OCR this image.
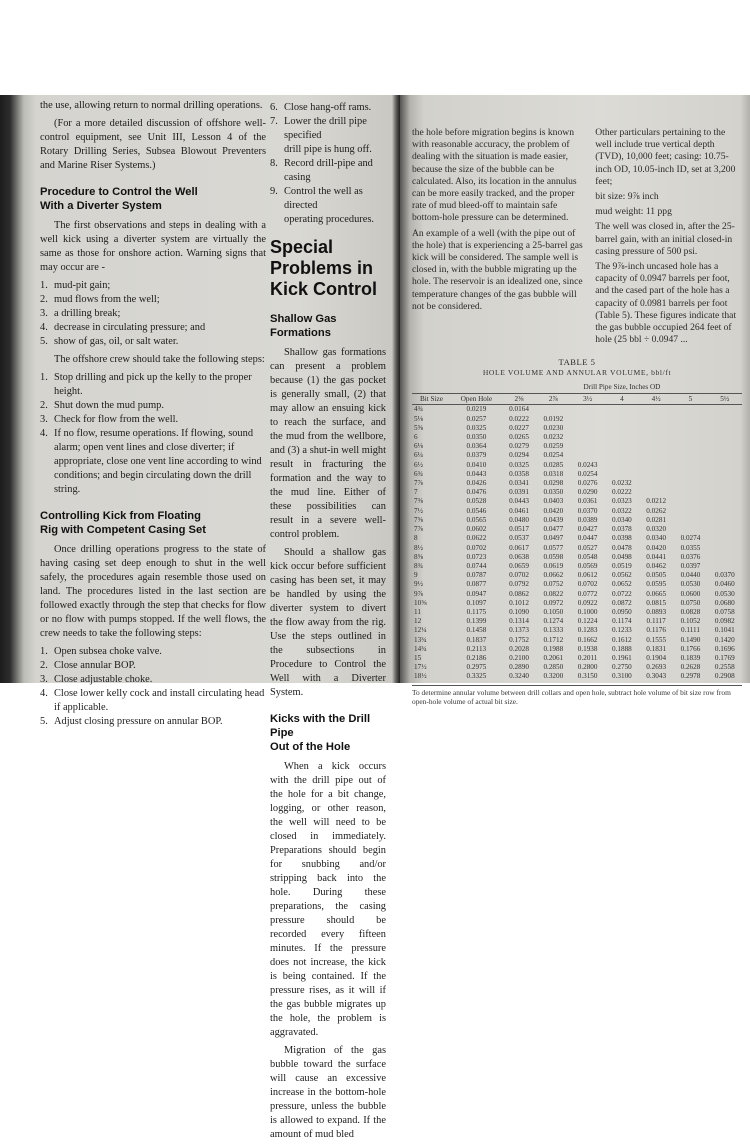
the use, allowing return to normal drilling operations.

(For a more detailed discussion of offshore well-control equipment, see Unit III, Lesson 4 of the Rotary Drilling Series, Subsea Blowout Preventers and Marine Riser Systems.)

Procedure to Control the Well
With a Diverter System

The first observations and steps in dealing with a well kick using a diverter system are virtually the same as those for onshore action. Warning signs that may occur are -

1. mud-pit gain;
2. mud flows from the well;
3. a drilling break;
4. decrease in circulating pressure; and
5. show of gas, oil, or salt water.

The offshore crew should take the following steps:

1. Stop drilling and pick up the kelly to the proper height.
2. Shut down the mud pump.
3. Check for flow from the well.
4. If no flow, resume operations. If flowing, sound alarm; open vent lines and close diverter; if appropriate, close one vent line according to wind conditions; and begin circulating down the drill string.
Controlling Kick from Floating
Rig with Competent Casing Set

Once drilling operations progress to the state of having casing set deep enough to shut in the well safely, the procedures again resemble those used on land. The procedures listed in the last section are followed exactly through the step that checks for flow or no flow with pumps stopped. If the well flows, the crew needs to take the following steps:

1. Open subsea choke valve.
2. Close annular BOP.
3. Close adjustable choke.
4. Close lower kelly cock and install circulating head if applicable.
5. Adjust closing pressure on annular BOP.
6. Close hang-off rams.
7. Lower the drill pipe specified
drill pipe is hung off.
8. Record drill-pipe and casing
9. Control the well as directed
operating procedures.
Special Problems in
Kick Control
Shallow Gas Formations

Shallow gas formations can present a problem because (1) the gas pocket is generally small, (2) that may allow an ensuing kick to reach the surface, and the mud from the wellbore, and (3) a shut-in well might result in fracturing the formation and the way to the mud line. Either of these possibilities can result in a severe well-control problem.

Should a shallow gas kick occur before sufficient casing has been set, it may be handled by using the diverter system to divert the flow away from the rig. Use the steps outlined in the subsections in Procedure to Control the Well with a Diverter System.

Kicks with the Drill Pipe
Out of the Hole

When a kick occurs with the drill pipe out of the hole for a bit change, logging, or other reason, the well will need to be closed in immediately. Preparations should begin for snubbing and/or stripping back into the hole. During these preparations, the casing pressure should be recorded every fifteen minutes. If the pressure does not increase, the kick is being contained. If the pressure rises, as it will if the gas bubble migrates up the hole, the problem is aggravated.

Migration of the gas bubble toward the surface will cause an excessive increase in the bottom-hole pressure, unless the bubble is allowed to expand. If the amount of mud bled

the hole before migration begins is known with reasonable accuracy, the problem of dealing with the situation is made easier, because the size of the bubble can be calculated. Also, its location in the annulus can be more easily tracked, and the proper rate of mud bleed-off to maintain safe bottom-hole pressure can be determined.

An example of a well (with the pipe out of the hole) that is experiencing a 25-barrel gas kick will be considered. The sample well is closed in, with the bubble migrating up the hole. The reservoir is an idealized one, since temperature changes of the gas bubble will not be considered.

Other particulars pertaining to the well include true vertical depth (TVD), 10,000 feet; casing: 10.75-inch OD, 10.05-inch ID, set at 3,200 feet;

bit size: 9⅞ inch

mud weight: 11 ppg

The well was closed in, after the 25-barrel gain, with an initial closed-in casing pressure of 500 psi.

The 9⅞-inch uncased hole has a capacity of 0.0947 barrels per foot, and the cased part of the hole has a capacity of 0.0981 barrels per foot (Table 5). These figures indicate that the gas bubble occupied 264 feet of hole (25 bbl ÷ 0.0947 ...

TABLE 5
HOLE VOLUME AND ANNULAR VOLUME, bbl/ft
		Drill Pipe Size, Inches OD						
Bit Size	Open Hole	2⅜	2⅞	3½	4	4½	5	5½
4¾	0.0219	0.0164						
5⅛	0.0257	0.0222	0.0192					
5⅝	0.0325	0.0227	0.0230					
6	0.0350	0.0265	0.0232					
6⅛	0.0364	0.0279	0.0259					
6¼	0.0379	0.0294	0.0254					
6½	0.0410	0.0325	0.0285	0.0243				
6¾	0.0443	0.0358	0.0318	0.0254				
7⅞	0.0426	0.0341	0.0298	0.0276	0.0232			
7	0.0476	0.0391	0.0350	0.0290	0.0222			
7⅜	0.0528	0.0443	0.0403	0.0361	0.0323	0.0212		
7½	0.0546	0.0461	0.0420	0.0370	0.0322	0.0262		
7⅝	0.0565	0.0480	0.0439	0.0389	0.0340	0.0281		
7⅞	0.0602	0.0517	0.0477	0.0427	0.0378	0.0320		
8	0.0622	0.0537	0.0497	0.0447	0.0398	0.0340	0.0274	
8½	0.0702	0.0617	0.0577	0.0527	0.0478	0.0420	0.0355	
8⅝	0.0723	0.0638	0.0598	0.0548	0.0498	0.0441	0.0376	
8¾	0.0744	0.0659	0.0619	0.0569	0.0519	0.0462	0.0397	
9	0.0787	0.0702	0.0662	0.0612	0.0562	0.0505	0.0440	0.0370
9½	0.0877	0.0792	0.0752	0.0702	0.0652	0.0595	0.0530	0.0460
9⅞	0.0947	0.0862	0.0822	0.0772	0.0722	0.0665	0.0600	0.0530
10⅝	0.1097	0.1012	0.0972	0.0922	0.0872	0.0815	0.0750	0.0680
11	0.1175	0.1090	0.1050	0.1000	0.0950	0.0893	0.0828	0.0758
12	0.1399	0.1314	0.1274	0.1224	0.1174	0.1117	0.1052	0.0982
12¼	0.1458	0.1373	0.1333	0.1283	0.1233	0.1176	0.1111	0.1041
13¾	0.1837	0.1752	0.1712	0.1662	0.1612	0.1555	0.1490	0.1420
14¾	0.2113	0.2028	0.1988	0.1938	0.1888	0.1831	0.1766	0.1696
15	0.2186	0.2100	0.2061	0.2011	0.1961	0.1904	0.1839	0.1769
17½	0.2975	0.2890	0.2850	0.2800	0.2750	0.2693	0.2628	0.2558
18½	0.3325	0.3240	0.3200	0.3150	0.3100	0.3043	0.2978	0.2908
To determine annular volume between drill collars and open hole, subtract hole volume of bit size row from open-hole volume of actual bit size.
